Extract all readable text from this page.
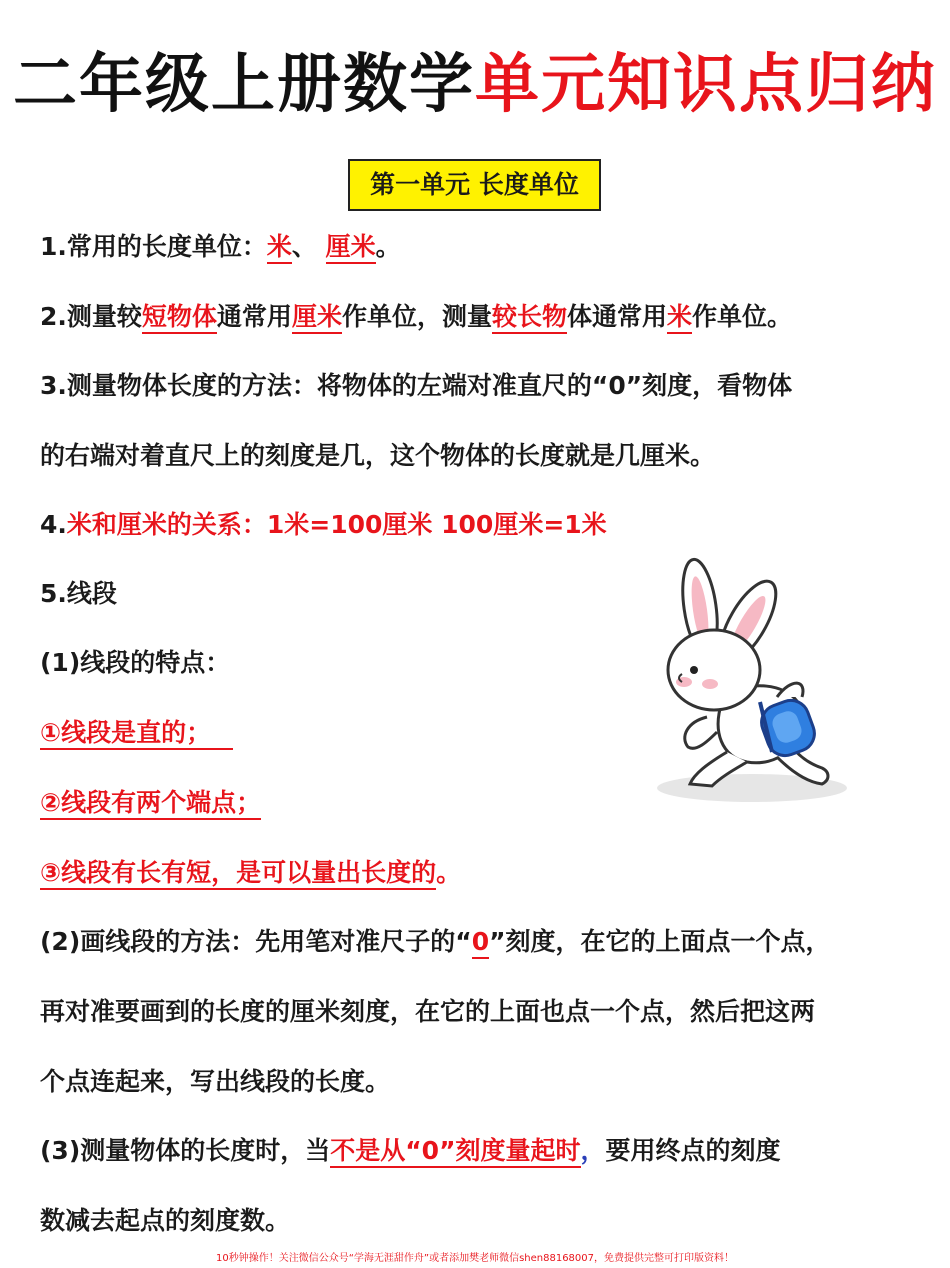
二年级上册数学单元知识点归纳
第一单元 长度单位
1.常用的长度单位：米、 厘米。
2.测量较短物体通常用厘米作单位，测量较长物体通常用米作单位。
3.测量物体长度的方法：将物体的左端对准直尺的“0”刻度，看物体
的右端对着直尺上的刻度是几，这个物体的长度就是几厘米。
4.米和厘米的关系：1米=100厘米 100厘米=1米
5.线段
(1)线段的特点：
①线段是直的；
②线段有两个端点；
③线段有长有短，是可以量出长度的。
(2)画线段的方法：先用笔对准尺子的“0”刻度，在它的上面点一个点，
再对准要画到的长度的厘米刻度，在它的上面也点一个点，然后把这两
个点连起来，写出线段的长度。
(3)测量物体的长度时，当不是从“0”刻度量起时，要用终点的刻度
数减去起点的刻度数。
10秒钟操作！关注微信公众号“学海无涯甜作舟”或者添加樊老师微信shen88168007，免费提供完整可打印版资料！
